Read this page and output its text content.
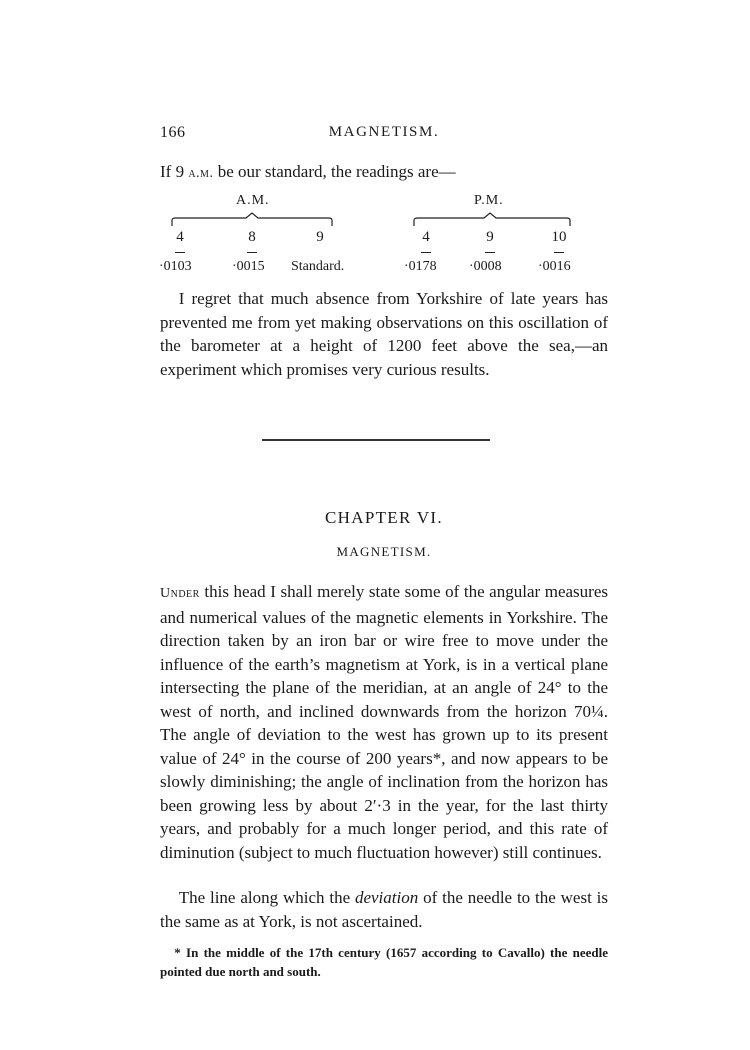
166	MAGNETISM.
If 9 a.m. be our standard, the readings are—
A.M.
4	8	9
·0103	·0015 Standard.
P.M.
4	9	10
·0178 ·0008	·0016

I regret that much absence from Yorkshire of late years has prevented me from yet making observations on this oscillation of the barometer at a height of 1200 feet above the sea,—an experiment which promises very curious results.

CHAPTER VI.
MAGNETISM.

Under this head I shall merely state some of the angular measures and numerical values of the magnetic elements in Yorkshire. The direction taken by an iron bar or wire free to move under the influence of the earth’s magnetism at York, is in a vertical plane intersecting the plane of the meridian, at an angle of 24° to the west of north, and inclined downwards from the horizon 70¼. The angle of deviation to the west has grown up to its present value of 24° in the course of 200 years*, and now appears to be slowly diminishing; the angle of inclination from the horizon has been growing less by about 2′·3 in the year, for the last thirty years, and probably for a much longer period, and this rate of diminution (subject to much fluctuation however) still continues.

The line along which the deviation of the needle to the west is the same as at York, is not ascertained.

* In the middle of the 17th century (1657 according to Cavallo) the needle pointed due north and south.
